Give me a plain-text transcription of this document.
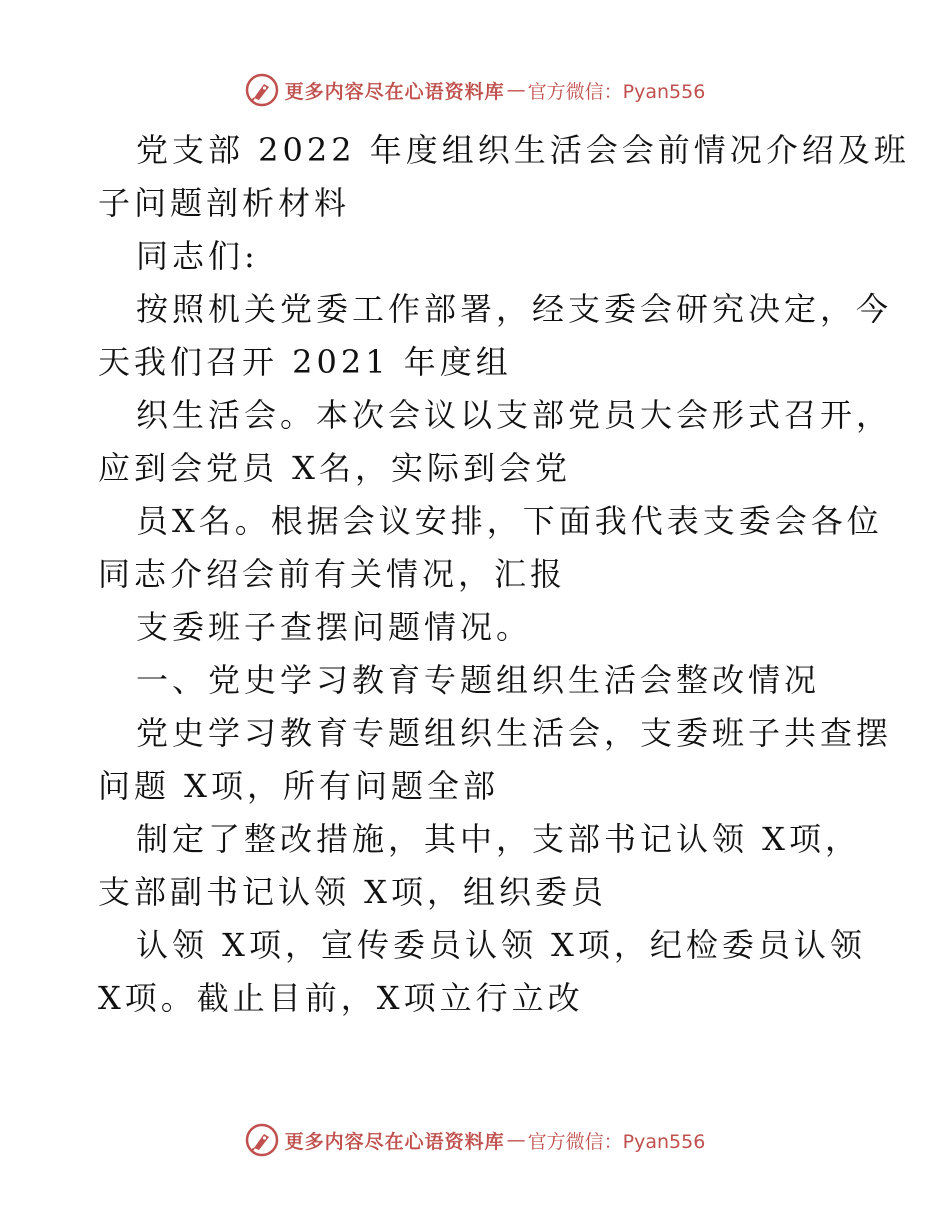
更多内容尽在心语资料库 — 官方微信：Pyan556
党支部 2022 年度组织生活会会前情况介绍及班
子问题剖析材料
同志们:
按照机关党委工作部署，经支委会研究决定，今
天我们召开 2021 年度组
织生活会。本次会议以支部党员大会形式召开，
应到会党员 X名，实际到会党
员X名。根据会议安排，下面我代表支委会各位
同志介绍会前有关情况，汇报
支委班子查摆问题情况。
一、党史学习教育专题组织生活会整改情况
党史学习教育专题组织生活会，支委班子共查摆
问题 X项，所有问题全部
制定了整改措施，其中，支部书记认领 X项，
支部副书记认领 X项，组织委员
认领 X项，宣传委员认领 X项，纪检委员认领
X项。截止目前，X项立行立改
更多内容尽在心语资料库 — 官方微信：Pyan556
